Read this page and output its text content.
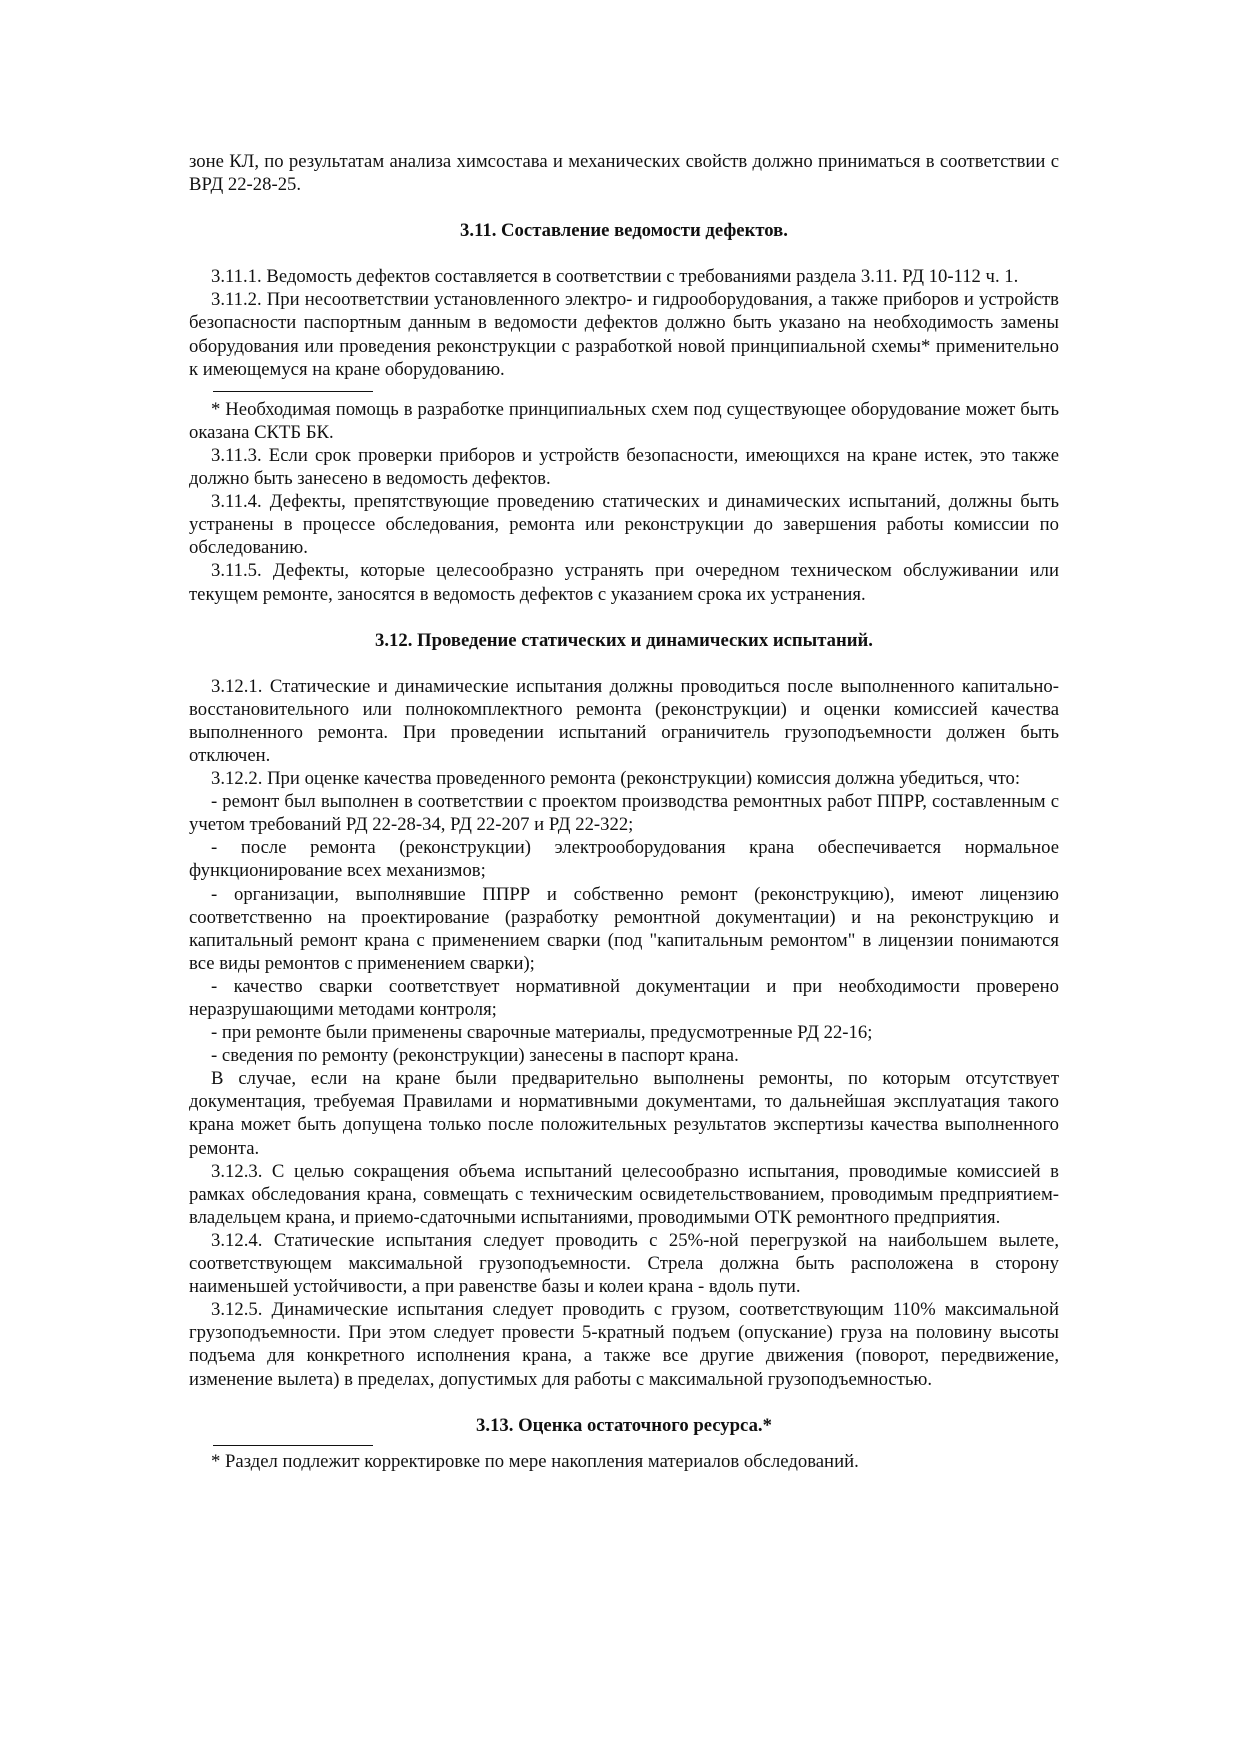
зоне КЛ, по результатам анализа химсостава и механических свойств должно приниматься в соответствии с ВРД 22-28-25.

3.11. Составление ведомости дефектов.

3.11.1. Ведомость дефектов составляется в соответствии с требованиями раздела 3.11. РД 10-112 ч. 1.

3.11.2. При несоответствии установленного электро- и гидрооборудования, а также приборов и устройств безопасности паспортным данным в ведомости дефектов должно быть указано на необходимость замены оборудования или проведения реконструкции с разработкой новой принципиальной схемы* применительно к имеющемуся на кране оборудованию.

* Необходимая помощь в разработке принципиальных схем под существующее оборудование может быть оказана СКТБ БК.

3.11.3. Если срок проверки приборов и устройств безопасности, имеющихся на кране истек, это также должно быть занесено в ведомость дефектов.

3.11.4. Дефекты, препятствующие проведению статических и динамических испытаний, должны быть устранены в процессе обследования, ремонта или реконструкции до завершения работы комиссии по обследованию.

3.11.5. Дефекты, которые целесообразно устранять при очередном техническом обслуживании или текущем ремонте, заносятся в ведомость дефектов с указанием срока их устранения.

3.12. Проведение статических и динамических испытаний.

3.12.1. Статические и динамические испытания должны проводиться после выполненного капитально-восстановительного или полнокомплектного ремонта (реконструкции) и оценки комиссией качества выполненного ремонта. При проведении испытаний ограничитель грузоподъемности должен быть отключен.

3.12.2. При оценке качества проведенного ремонта (реконструкции) комиссия должна убедиться, что:

- ремонт был выполнен в соответствии с проектом производства ремонтных работ ППРР, составленным с учетом требований РД 22-28-34, РД 22-207 и РД 22-322;

- после ремонта (реконструкции) электрооборудования крана обеспечивается нормальное функционирование всех механизмов;

- организации, выполнявшие ППРР и собственно ремонт (реконструкцию), имеют лицензию соответственно на проектирование (разработку ремонтной документации) и на реконструкцию и капитальный ремонт крана с применением сварки (под "капитальным ремонтом" в лицензии понимаются все виды ремонтов с применением сварки);

- качество сварки соответствует нормативной документации и при необходимости проверено неразрушающими методами контроля;

- при ремонте были применены сварочные материалы, предусмотренные РД 22-16;

- сведения по ремонту (реконструкции) занесены в паспорт крана.

В случае, если на кране были предварительно выполнены ремонты, по которым отсутствует документация, требуемая Правилами и нормативными документами, то дальнейшая эксплуатация такого крана может быть допущена только после положительных результатов экспертизы качества выполненного ремонта.

3.12.3. С целью сокращения объема испытаний целесообразно испытания, проводимые комиссией в рамках обследования крана, совмещать с техническим освидетельствованием, проводимым предприятием-владельцем крана, и приемо-сдаточными испытаниями, проводимыми ОТК ремонтного предприятия.

3.12.4. Статические испытания следует проводить с 25%-ной перегрузкой на наибольшем вылете, соответствующем максимальной грузоподъемности. Стрела должна быть расположена в сторону наименьшей устойчивости, а при равенстве базы и колеи крана - вдоль пути.

3.12.5. Динамические испытания следует проводить с грузом, соответствующим 110% максимальной грузоподъемности. При этом следует провести 5-кратный подъем (опускание) груза на половину высоты подъема для конкретного исполнения крана, а также все другие движения (поворот, передвижение, изменение вылета) в пределах, допустимых для работы с максимальной грузоподъемностью.

3.13. Оценка остаточного ресурса.*

* Раздел подлежит корректировке по мере накопления материалов обследований.
